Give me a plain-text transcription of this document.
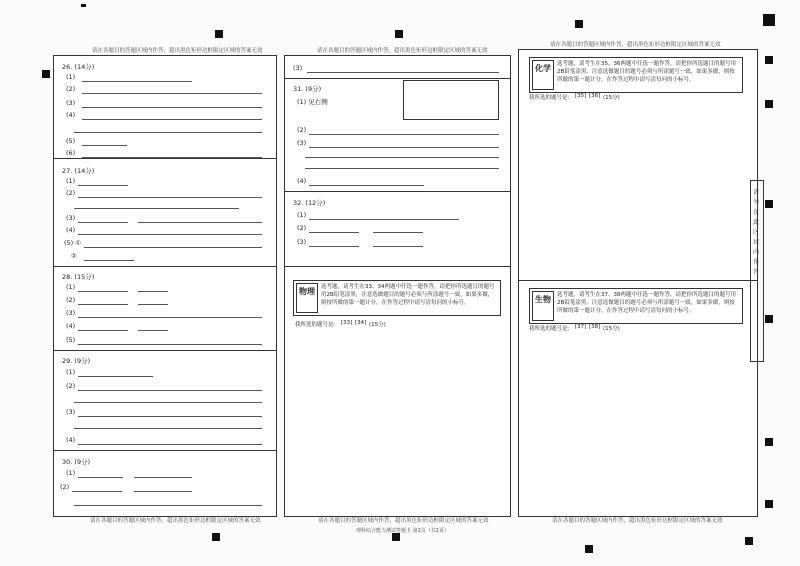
请在各题目的答题区域内作答，超出黑色矩形边框限定区域的答案无效
26. (14分)
(1)
(2)
(3)
(4)
(5)
(6)
27. (14分)
(1)
(2)
(3)
(4)
(5) ①
②
28. (15分)
(1)
(2)
(3)
(4)
(5)
29. (9分)
(1)
(2)
(3)
(4)
30. (9分)
(1)
(2)
请在各题目的答题区域内作答，超出黑色矩形边框限定区域的答案无效
请在各题目的答题区域内作答，超出黑色矩形边框限定区域的答案无效
(3)
31. (9分)
(1) 见右侧
(2)
(3)
(4)
32. (12分)
(1)
(2)
(3)
物理 选考题，请考生在33、34两题中任选一题作答，请把你所选题目的题号用2B铅笔涂黑，注意选做题目的题号必须与所涂题号一致，如果多做，则按所做的第一题计分，在作答过程中请写清每问的小标号。
我所选的题号是： [33] [34] (15分)
请在各题目的答题区域内作答，超出黑色矩形边框限定区域的答案无效
请在各题目的答题区域内作答，超出黑色矩形边框限定区域的答案无效
化学 选考题，请考生在35、36两题中任选一题作答，请把你所选题目的题号用2B铅笔涂黑，注意选做题目的题号必须与所涂题号一致，如果多做，则按所做的第一题计分，在作答过程中请写清每问的小标号。
我所选的题号是： [35] [36] (15分)
生物 选考题，请考生在37、38两题中任选一题作答，请把你所选题目的题号用2B铅笔涂黑，注意选做题目的题号必须与所涂题号一致，如果多做，则按所做的第一题计分，在作答过程中请写清每问的小标号。
我所选的题号是： [37] [38] (15分)
请在各题目的答题区域内作答，超出黑色矩形边框限定区域的答案无效
请勿在此区域内作答
理科综合能力测试答题卡 第2页（共2页）
